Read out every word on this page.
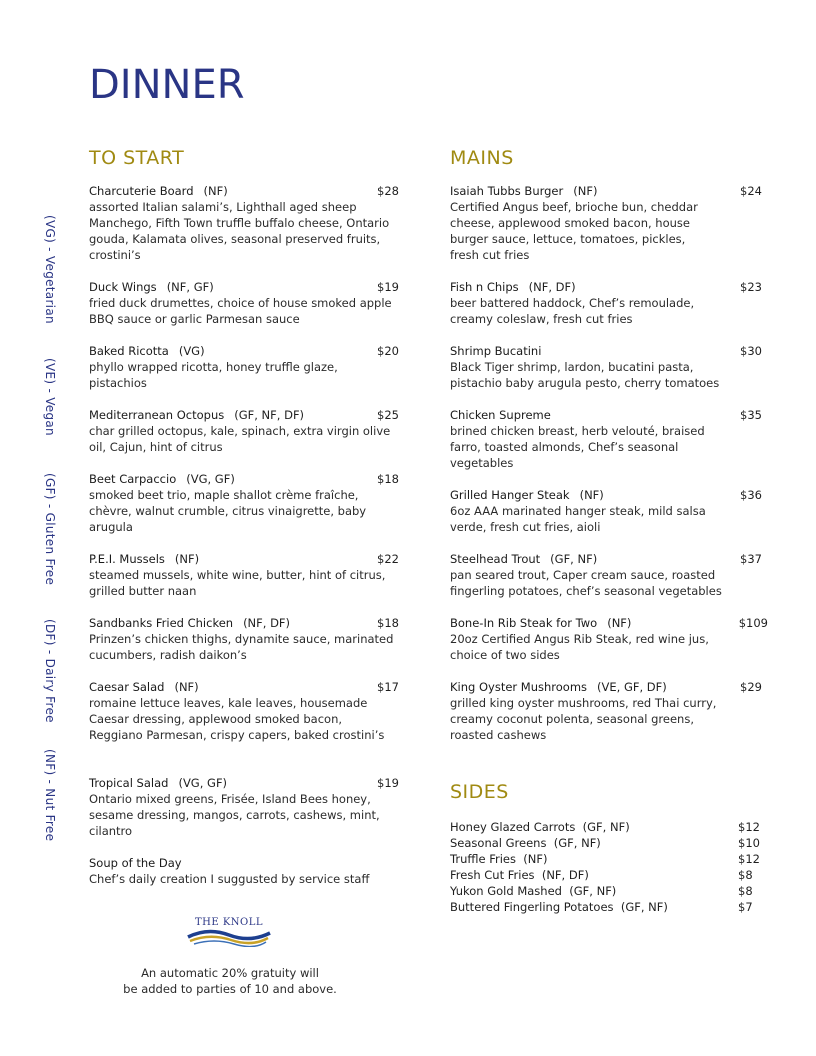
DINNER
(VG) - Vegetarian
(VE) - Vegan
(GF) - Gluten Free
(DF) - Dairy Free
(NF) - Nut Free
TO START	MAINS
SIDES
Charcuterie Board (NF)	$28
assorted Italian salami’s, Lighthall aged sheep Manchego, Fifth Town truffle buffalo cheese, Ontario gouda, Kalamata olives, seasonal preserved fruits, crostini’s
Duck Wings (NF, GF)	$19
fried duck drumettes, choice of house smoked apple BBQ sauce or garlic Parmesan sauce
Baked Ricotta (VG)	$20
phyllo wrapped ricotta, honey truffle glaze, pistachios
Mediterranean Octopus (GF, NF, DF)	$25
char grilled octopus, kale, spinach, extra virgin olive oil, Cajun, hint of citrus
Beet Carpaccio (VG, GF)	$18
smoked beet trio, maple shallot crème fraîche, chèvre, walnut crumble, citrus vinaigrette, baby arugula
P.E.I. Mussels (NF)	$22
steamed mussels, white wine, butter, hint of citrus, grilled butter naan
Sandbanks Fried Chicken (NF, DF)	$18
Prinzen’s chicken thighs, dynamite sauce, marinated cucumbers, radish daikon’s
Caesar Salad (NF)	$17
romaine lettuce leaves, kale leaves, housemade Caesar dressing, applewood smoked bacon, Reggiano Parmesan, crispy capers, baked crostini’s
Tropical Salad (VG, GF)	$19
Ontario mixed greens, Frisée, Island Bees honey, sesame dressing, mangos, carrots, cashews, mint, cilantro
Soup of the Day
Chef’s daily creation I suggusted by service staff
Isaiah Tubbs Burger (NF)	$24
Certified Angus beef, brioche bun, cheddar cheese, applewood smoked bacon, house burger sauce, lettuce, tomatoes, pickles, fresh cut fries
Fish n Chips (NF, DF)	$23
beer battered haddock, Chef’s remoulade, creamy coleslaw, fresh cut fries
Shrimp Bucatini	$30
Black Tiger shrimp, lardon, bucatini pasta, pistachio baby arugula pesto, cherry tomatoes
Chicken Supreme	$35
brined chicken breast, herb velouté, braised farro, toasted almonds, Chef’s seasonal vegetables
Grilled Hanger Steak (NF)	$36
6oz AAA marinated hanger steak, mild salsa verde, fresh cut fries, aioli
Steelhead Trout (GF, NF)	$37
pan seared trout, Caper cream sauce, roasted fingerling potatoes, chef’s seasonal vegetables
Bone-In Rib Steak for Two (NF)	$109
20oz Certified Angus Rib Steak, red wine jus, choice of two sides
King Oyster Mushrooms (VE, GF, DF)	$29
grilled king oyster mushrooms, red Thai curry, creamy coconut polenta, seasonal greens, roasted cashews
Honey Glazed Carrots (GF, NF)	$12
Seasonal Greens (GF, NF)	$10
Truffle Fries (NF)	$12
Fresh Cut Fries (NF, DF)	$8
Yukon Gold Mashed (GF, NF)	$8
Buttered Fingerling Potatoes (GF, NF)	$7
THE KNOLL
An automatic 20% gratuity will
be added to parties of 10 and above.
